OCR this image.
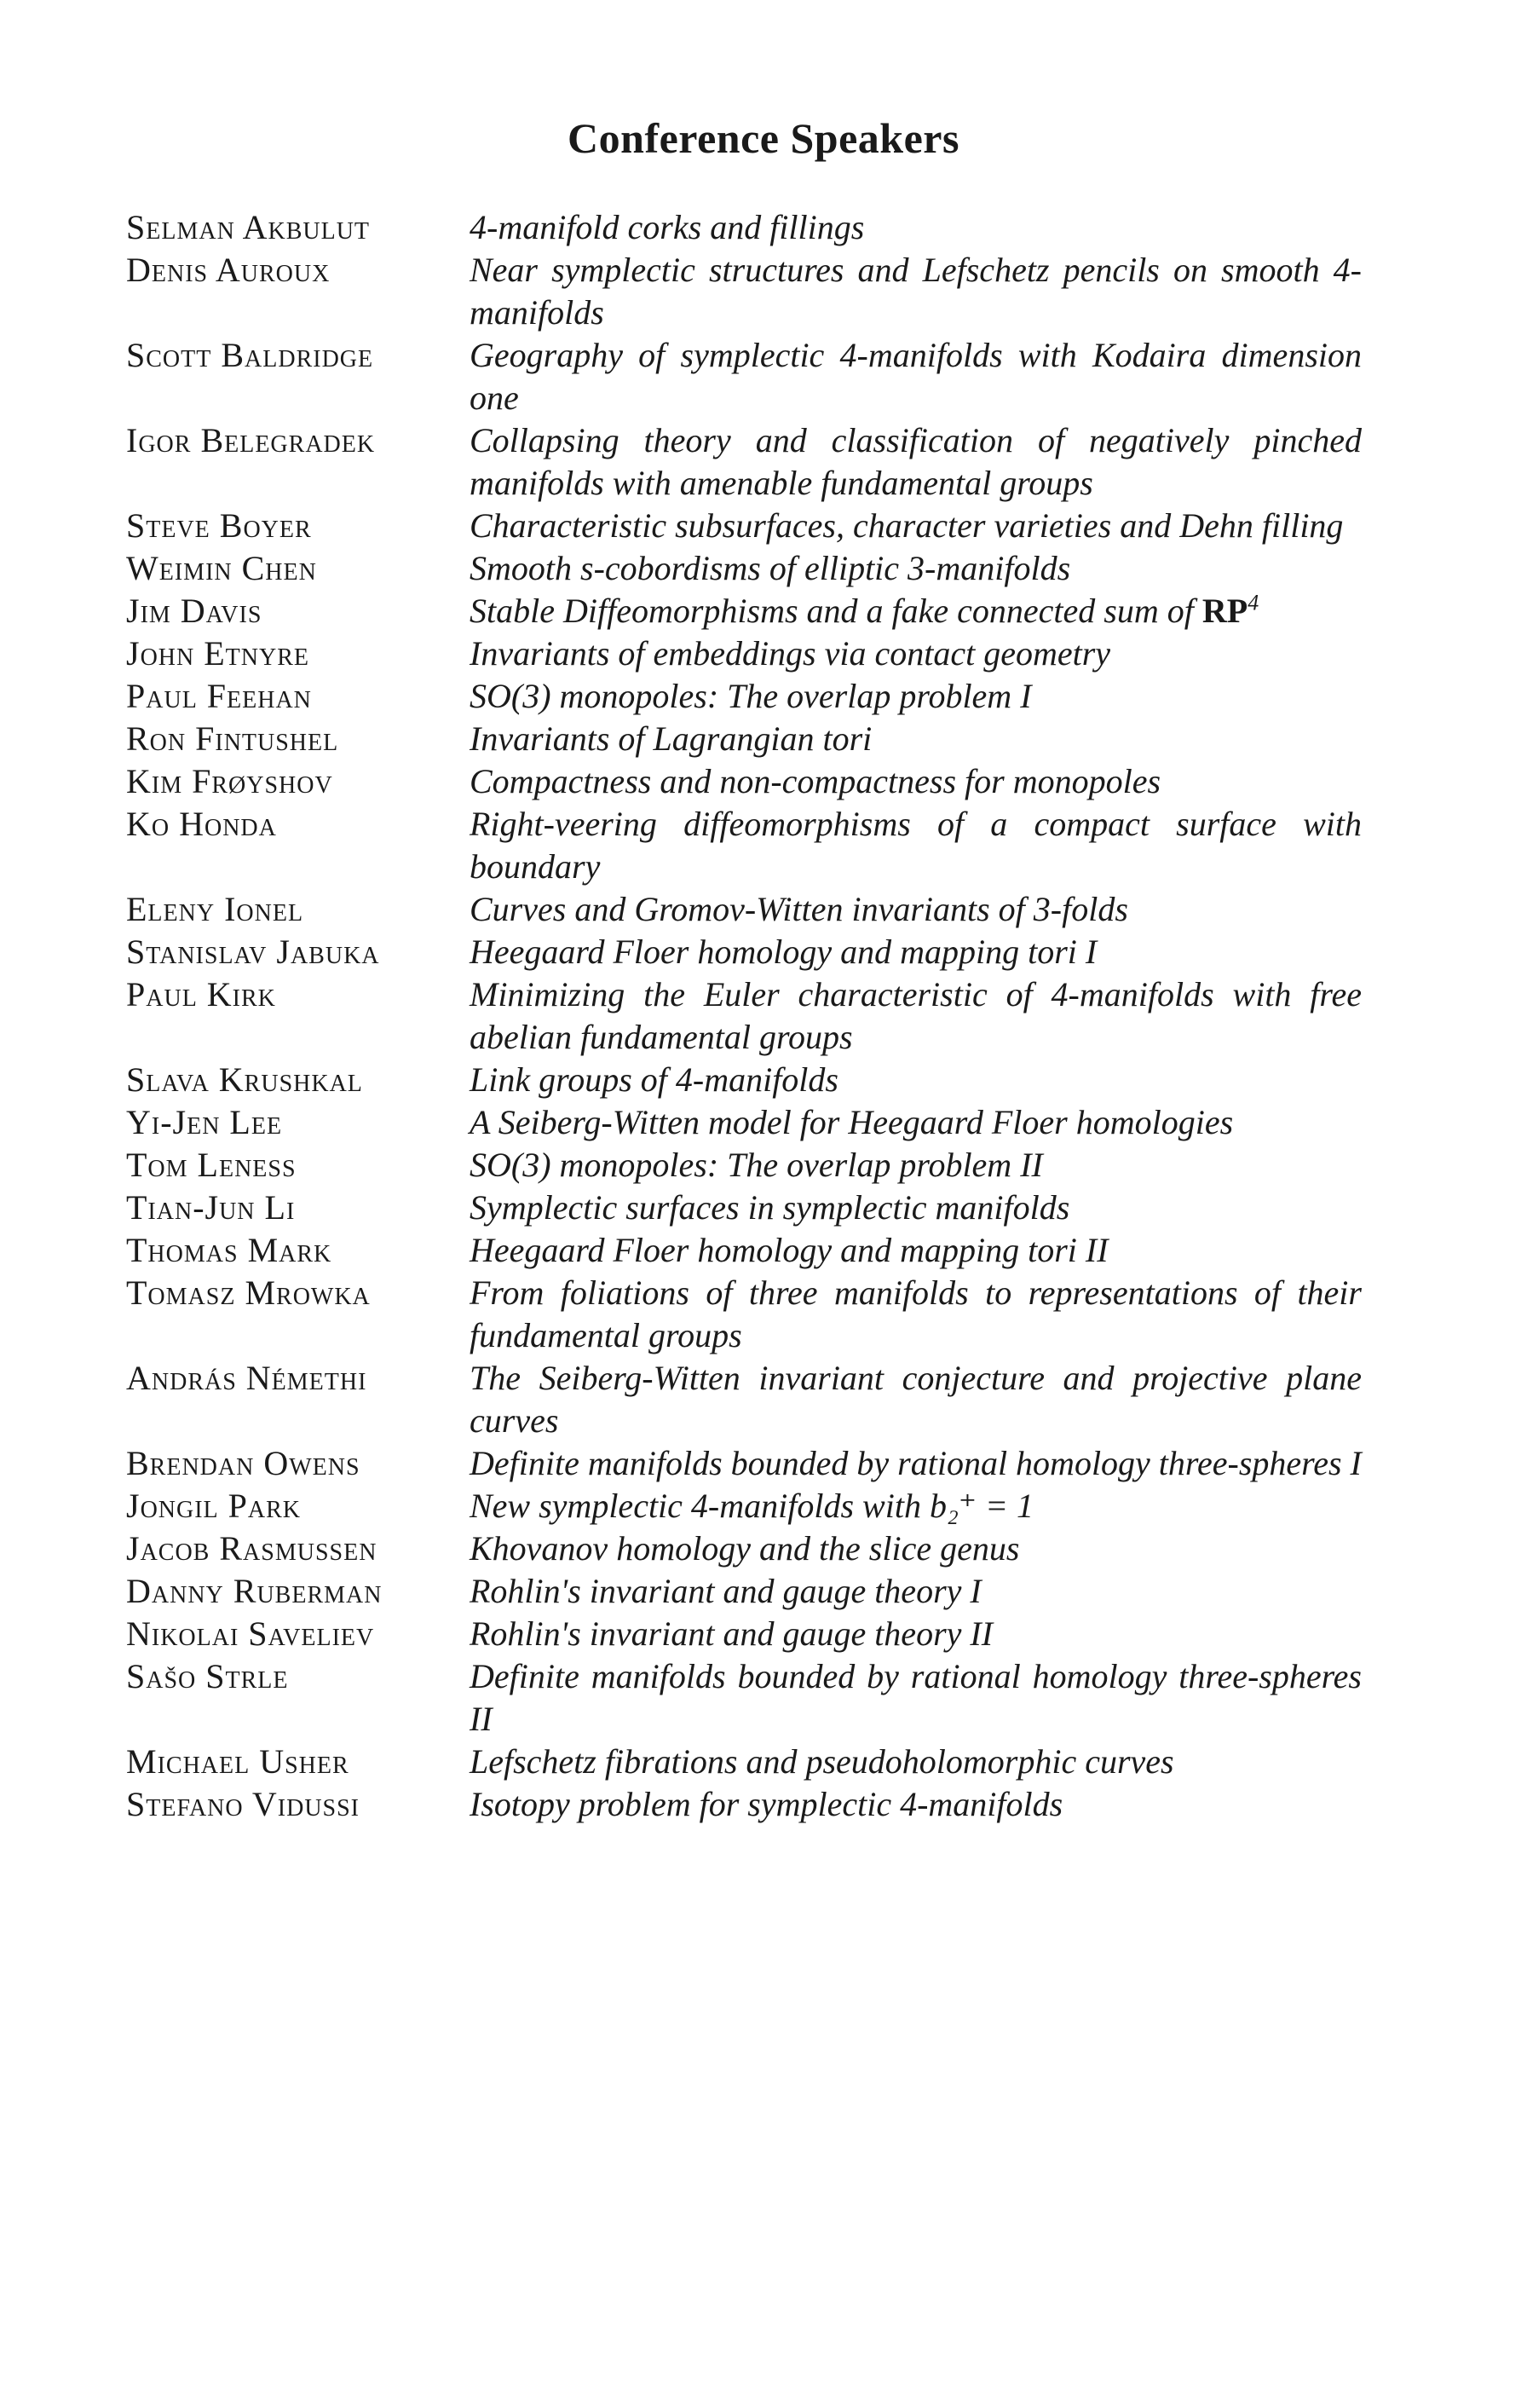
Conference Speakers
Selman Akbulut	4-manifold corks and fillings
Denis Auroux	Near symplectic structures and Lefschetz pencils on smooth 4-manifolds
Scott Baldridge	Geography of symplectic 4-manifolds with Kodaira dimension one
Igor Belegradek	Collapsing theory and classification of negatively pinched manifolds with amenable fundamental groups
Steve Boyer	Characteristic subsurfaces, character varieties and Dehn filling
Weimin Chen	Smooth s-cobordisms of elliptic 3-manifolds
Jim Davis	Stable Diffeomorphisms and a fake connected sum of $RP^4$
John Etnyre	Invariants of embeddings via contact geometry
Paul Feehan	SO(3) monopoles: The overlap problem I
Ron Fintushel	Invariants of Lagrangian tori
Kim Frøyshov	Compactness and non-compactness for monopoles
Ko Honda	Right-veering diffeomorphisms of a compact surface with boundary
Eleny Ionel	Curves and Gromov-Witten invariants of 3-folds
Stanislav Jabuka	Heegaard Floer homology and mapping tori I
Paul Kirk	Minimizing the Euler characteristic of 4-manifolds with free abelian fundamental groups
Slava Krushkal	Link groups of 4-manifolds
Yi-Jen Lee	A Seiberg-Witten model for Heegaard Floer homologies
Tom Leness	SO(3) monopoles: The overlap problem II
Tian-Jun Li	Symplectic surfaces in symplectic manifolds
Thomas Mark	Heegaard Floer homology and mapping tori II
Tomasz Mrowka	From foliations of three manifolds to representations of their fundamental groups
András Némethi	The Seiberg-Witten invariant conjecture and projective plane curves
Brendan Owens	Definite manifolds bounded by rational homology three-spheres I
Jongil Park	New symplectic 4-manifolds with b₂⁺ = 1
Jacob Rasmussen	Khovanov homology and the slice genus
Danny Ruberman	Rohlin's invariant and gauge theory I
Nikolai Saveliev	Rohlin's invariant and gauge theory II
Sašo Strle	Definite manifolds bounded by rational homology three-spheres II
Michael Usher	Lefschetz fibrations and pseudoholomorphic curves
Stefano Vidussi	Isotopy problem for symplectic 4-manifolds
